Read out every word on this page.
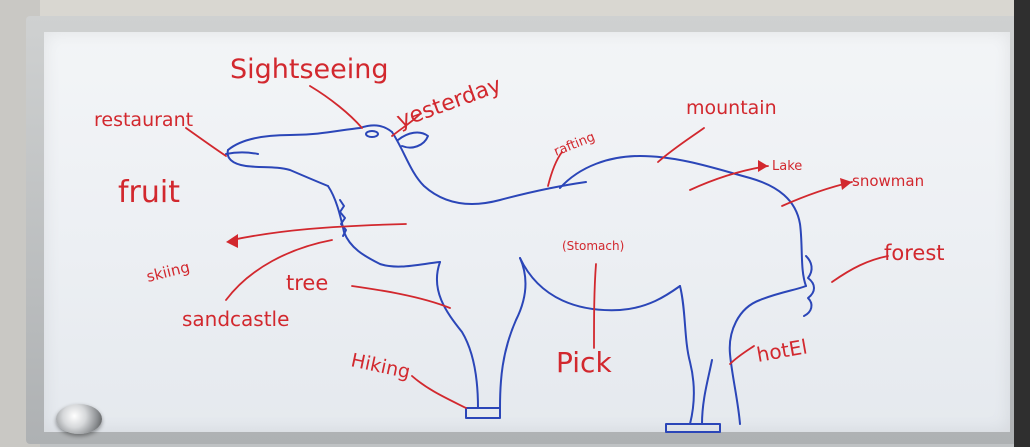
Sightseeing
yesterday
restaurant
fruit
rafting
mountain
Lake
snowman
forest
skiing
(Stomach)
tree
sandcastle
Hiking	Pick	hotEl
